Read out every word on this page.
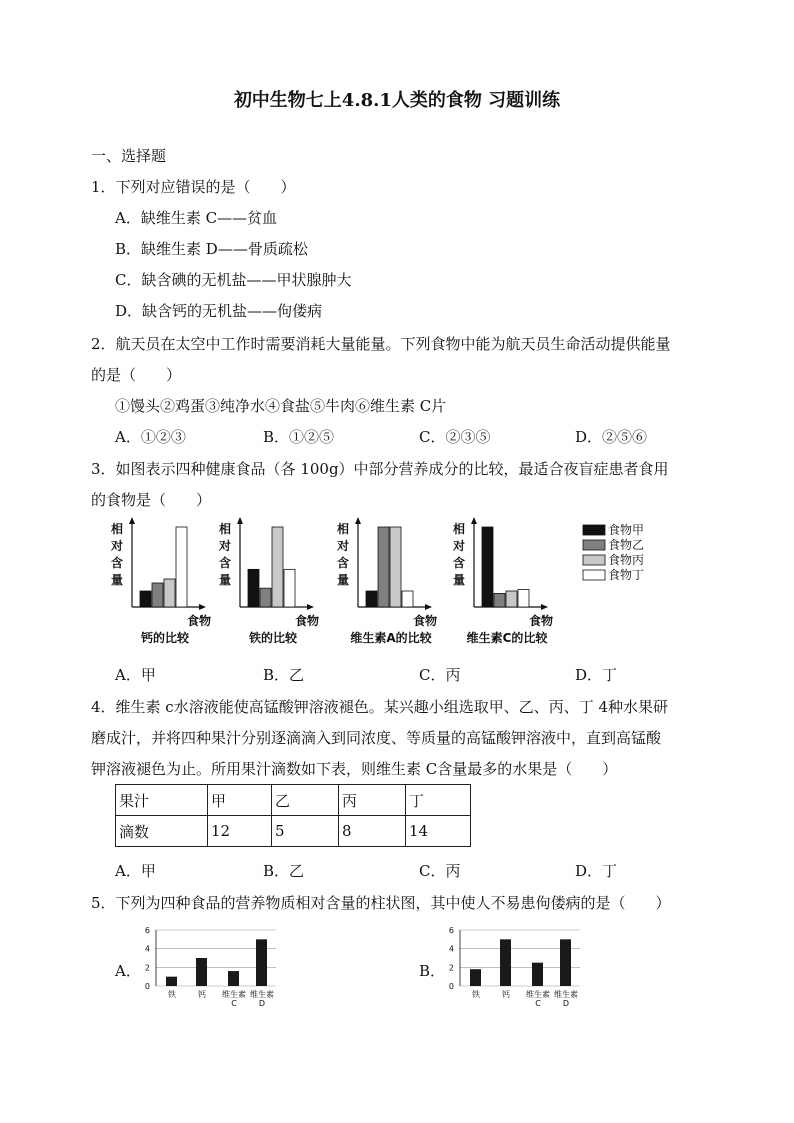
初中生物七上4.8.1人类的食物 习题训练
一、选择题
1．下列对应错误的是（　　）
A．缺维生素 C——贫血
B．缺维生素 D——骨质疏松
C．缺含碘的无机盐——甲状腺肿大
D．缺含钙的无机盐——佝偻病
2．航天员在太空中工作时需要消耗大量能量。下列食物中能为航天员生命活动提供能量
的是（　　）
①馒头②鸡蛋③纯净水④食盐⑤牛肉⑥维生素 C片
A．①②③	B．①②⑤	C．②③⑤	D．②⑤⑥
3．如图表示四种健康食品（各 100g）中部分营养成分的比较，最适合夜盲症患者食用
的食物是（　　）
相
对
含
量
食物
钙的比较
相
对
含
量
食物
铁的比较
相
对
含
量
食物
维生素A的比较
相
对
含
量
食物
维生素C的比较
食物甲
食物乙
食物丙
食物丁
A．甲	B．乙	C．丙	D．丁
4．维生素 c水溶液能使高锰酸钾溶液褪色。某兴趣小组选取甲、乙、丙、丁 4种水果研
磨成汁，并将四种果汁分别逐滴滴入到同浓度、等质量的高锰酸钾溶液中，直到高锰酸
钾溶液褪色为止。所用果汁滴数如下表，则维生素 C含量最多的水果是（　　）
果汁	甲	乙	丙	丁
滴数	12	5	8	14
A．甲	B．乙	C．丙	D．丁
5．下列为四种食品的营养物质相对含量的柱状图，其中使人不易患佝偻病的是（　　）
A．	B．
0
2
4
6
铁	钙 维生素
C
维生素
D
0
2
4
6
铁	钙 维生素
C
维生素
D
